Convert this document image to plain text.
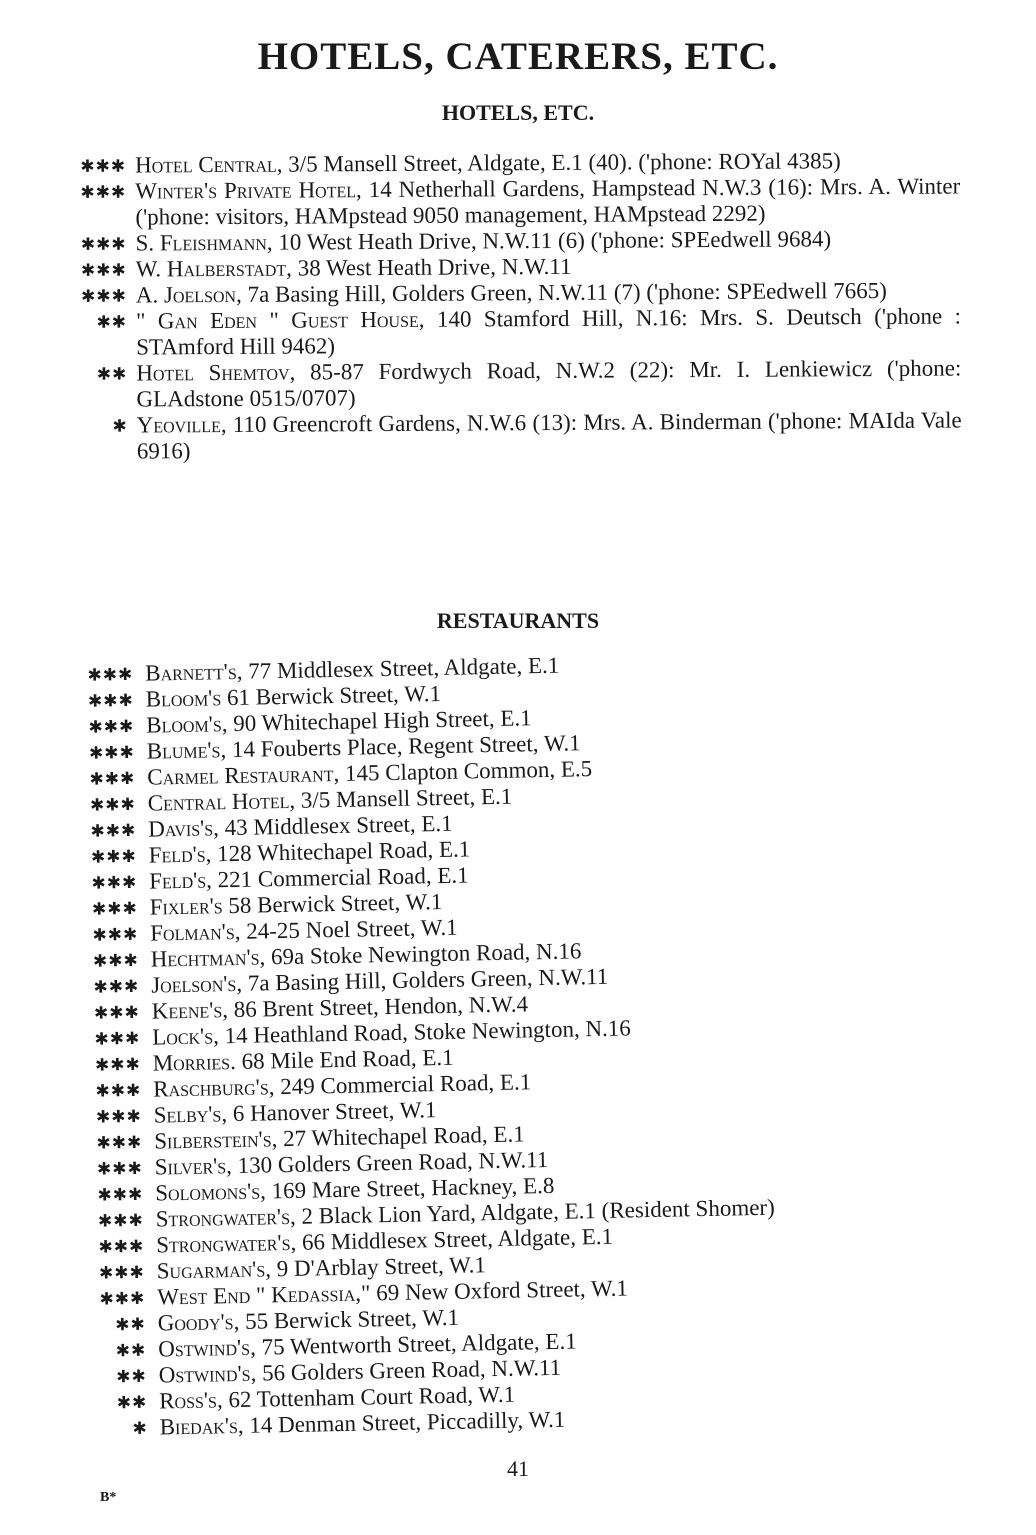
HOTELS, CATERERS, ETC.
HOTELS, ETC.
✱✱✱ Hotel Central, 3/5 Mansell Street, Aldgate, E.1 (40). ('phone: ROYal 4385)
✱✱✱ Winter's Private Hotel, 14 Netherhall Gardens, Hampstead N.W.3 (16): Mrs. A. Winter ('phone: visitors, HAMpstead 9050 management, HAMpstead 2292)
✱✱✱ S. Fleishmann, 10 West Heath Drive, N.W.11 (6) ('phone: SPEedwell 9684)
✱✱✱ W. Halberstadt, 38 West Heath Drive, N.W.11
✱✱✱ A. Joelson, 7a Basing Hill, Golders Green, N.W.11 (7) ('phone: SPEedwell 7665)
✱✱ " Gan Eden " Guest House, 140 Stamford Hill, N.16: Mrs. S. Deutsch ('phone : STAmford Hill 9462)
✱✱ Hotel Shemtov, 85-87 Fordwych Road, N.W.2 (22): Mr. I. Lenkiewicz ('phone: GLAdstone 0515/0707)
✱ Yeoville, 110 Greencroft Gardens, N.W.6 (13): Mrs. A. Binderman ('phone: MAIda Vale 6916)
RESTAURANTS
✱✱✱ Barnett's, 77 Middlesex Street, Aldgate, E.1
✱✱✱ Bloom's 61 Berwick Street, W.1
✱✱✱ Bloom's, 90 Whitechapel High Street, E.1
✱✱✱ Blume's, 14 Fouberts Place, Regent Street, W.1
✱✱✱ Carmel Restaurant, 145 Clapton Common, E.5
✱✱✱ Central Hotel, 3/5 Mansell Street, E.1
✱✱✱ Davis's, 43 Middlesex Street, E.1
✱✱✱ Feld's, 128 Whitechapel Road, E.1
✱✱✱ Feld's, 221 Commercial Road, E.1
✱✱✱ Fixler's 58 Berwick Street, W.1
✱✱✱ Folman's, 24-25 Noel Street, W.1
✱✱✱ Hechtman's, 69a Stoke Newington Road, N.16
✱✱✱ Joelson's, 7a Basing Hill, Golders Green, N.W.11
✱✱✱ Keene's, 86 Brent Street, Hendon, N.W.4
✱✱✱ Lock's, 14 Heathland Road, Stoke Newington, N.16
✱✱✱ Morries. 68 Mile End Road, E.1
✱✱✱ Raschburg's, 249 Commercial Road, E.1
✱✱✱ Selby's, 6 Hanover Street, W.1
✱✱✱ Silberstein's, 27 Whitechapel Road, E.1
✱✱✱ Silver's, 130 Golders Green Road, N.W.11
✱✱✱ Solomons's, 169 Mare Street, Hackney, E.8
✱✱✱ Strongwater's, 2 Black Lion Yard, Aldgate, E.1 (Resident Shomer)
✱✱✱ Strongwater's, 66 Middlesex Street, Aldgate, E.1
✱✱✱ Sugarman's, 9 D'Arblay Street, W.1
✱✱✱ West End " Kedassia," 69 New Oxford Street, W.1
✱✱ Goody's, 55 Berwick Street, W.1
✱✱ Ostwind's, 75 Wentworth Street, Aldgate, E.1
✱✱ Ostwind's, 56 Golders Green Road, N.W.11
✱✱ Ross's, 62 Tottenham Court Road, W.1
✱ Biedak's, 14 Denman Street, Piccadilly, W.1
41
B*
